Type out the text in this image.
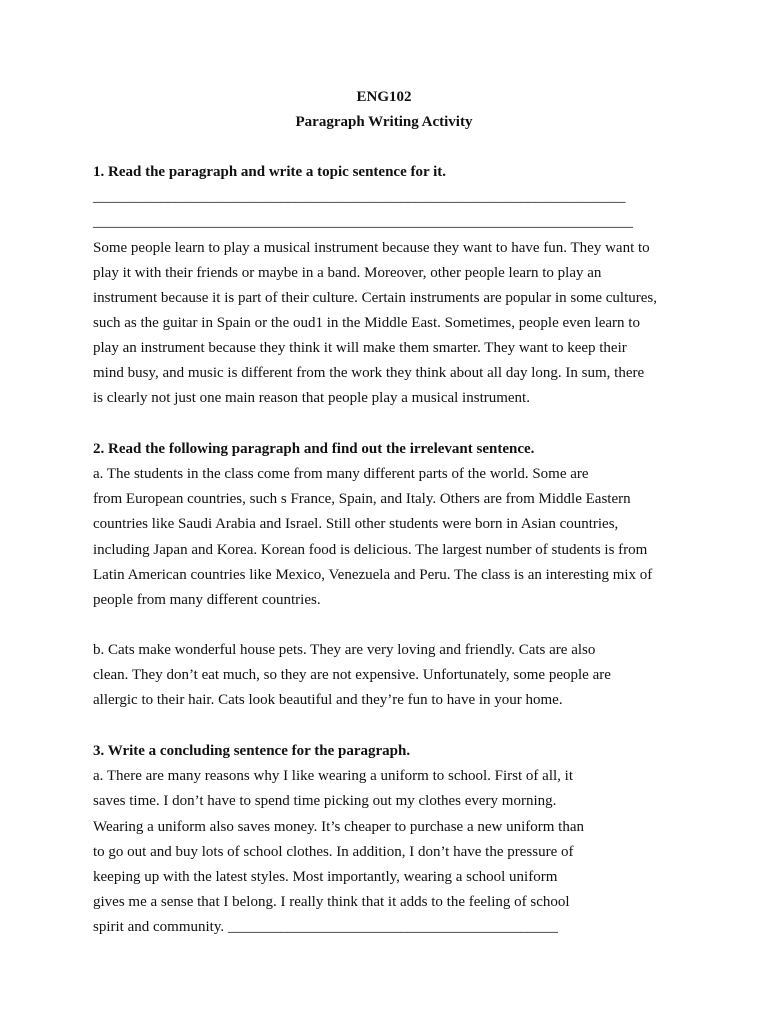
ENG102
Paragraph Writing Activity
1. Read the paragraph and write a topic sentence for it.
_______________________________________________________________________
________________________________________________________________________
Some people learn to play a musical instrument because they want to have fun. They want to
play it with their friends or maybe in a band. Moreover, other people learn to play an
instrument because it is part of their culture. Certain instruments are popular in some cultures,
such as the guitar in Spain or the oud1 in the Middle East. Sometimes, people even learn to
play an instrument because they think it will make them smarter. They want to keep their
mind busy, and music is different from the work they think about all day long. In sum, there
is clearly not just one main reason that people play a musical instrument.
2. Read the following paragraph and find out the irrelevant sentence.
a. The students in the class come from many different parts of the world. Some are
from European countries, such s France, Spain, and Italy. Others are from Middle Eastern
countries like Saudi Arabia and Israel. Still other students were born in Asian countries,
including Japan and Korea. Korean food is delicious. The largest number of students is from
Latin American countries like Mexico, Venezuela and Peru. The class is an interesting mix of
people from many different countries.
b. Cats make wonderful house pets. They are very loving and friendly. Cats are also
clean. They don’t eat much, so they are not expensive. Unfortunately, some people are
allergic to their hair. Cats look beautiful and they’re fun to have in your home.
3. Write a concluding sentence for the paragraph.
a. There are many reasons why I like wearing a uniform to school. First of all, it
saves time. I don’t have to spend time picking out my clothes every morning.
Wearing a uniform also saves money. It’s cheaper to purchase a new uniform than
to go out and buy lots of school clothes. In addition, I don’t have the pressure of
keeping up with the latest styles. Most importantly, wearing a school uniform
gives me a sense that I belong. I really think that it adds to the feeling of school
spirit and community. ____________________________________________
